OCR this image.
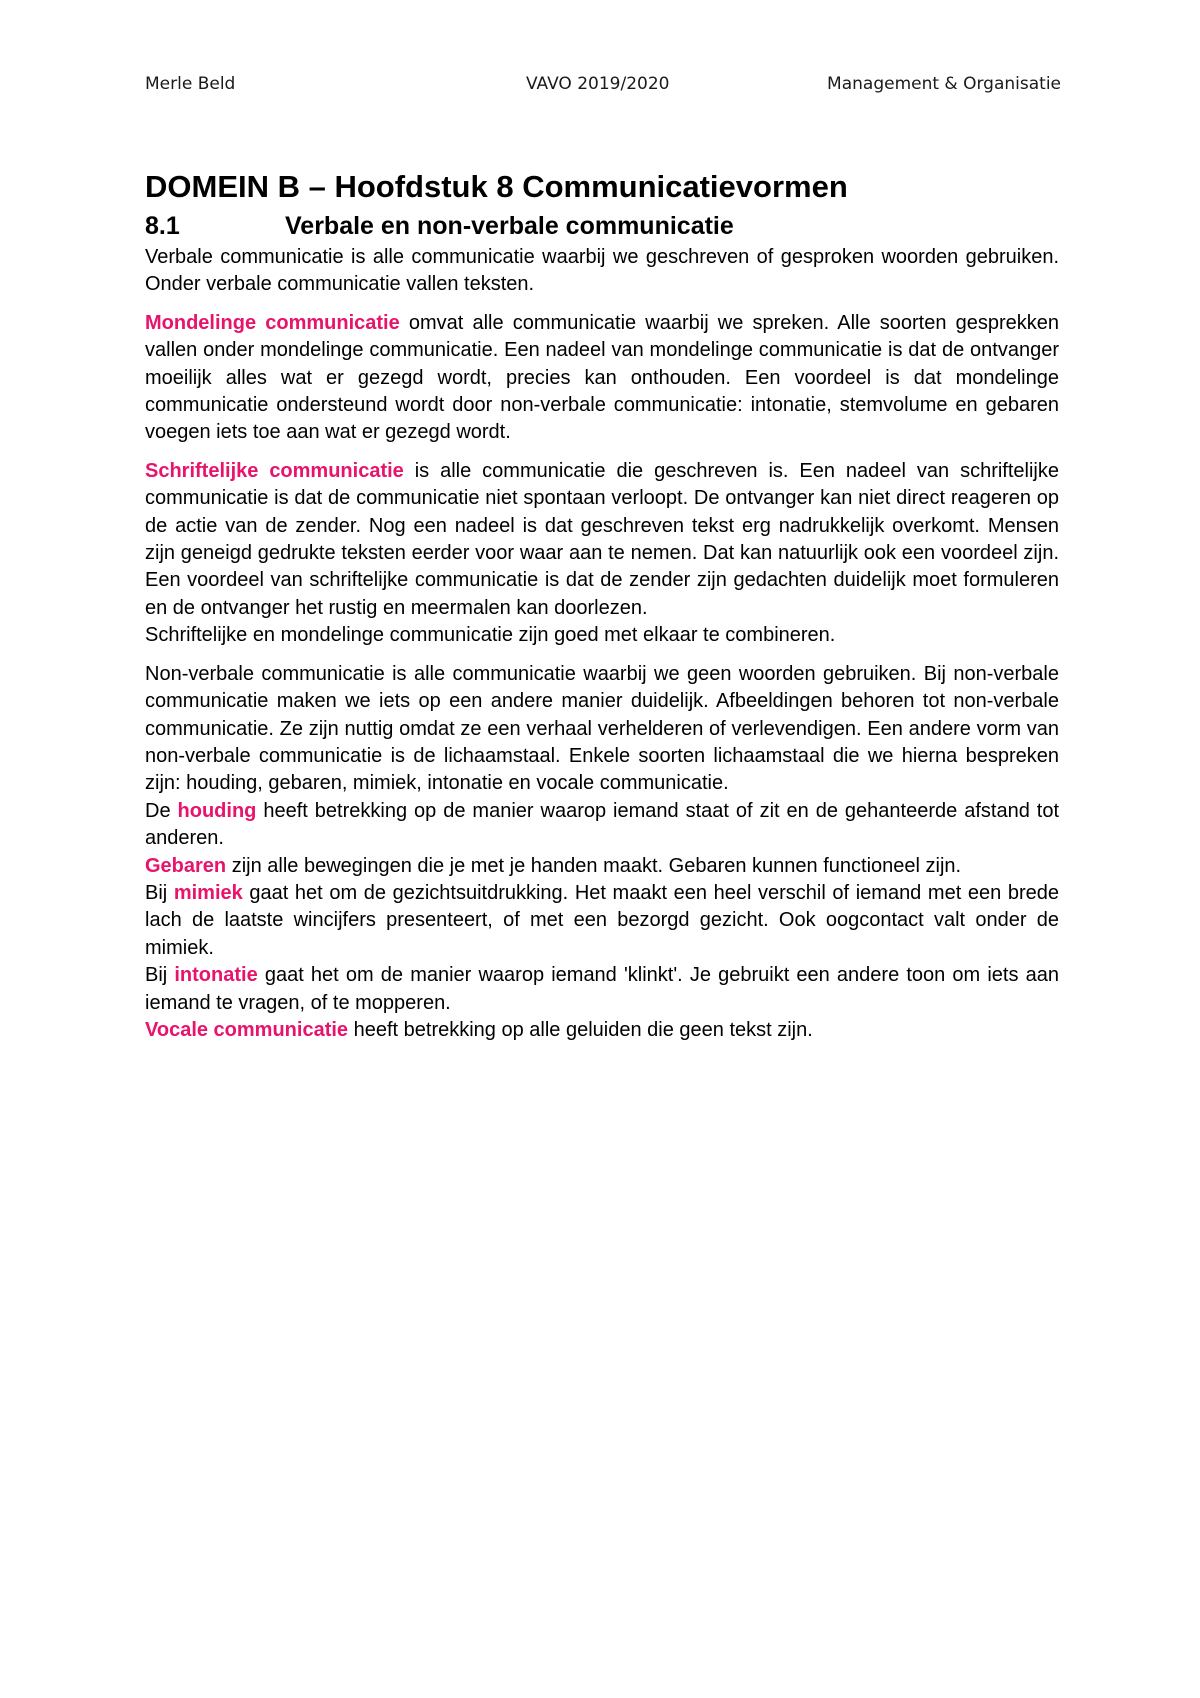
Merle Beld	VAVO 2019/2020	Management & Organisatie
DOMEIN B – Hoofdstuk 8 Communicatievormen
8.1	Verbale en non-verbale communicatie

Verbale communicatie is alle communicatie waarbij we geschreven of gesproken woorden gebruiken. Onder verbale communicatie vallen teksten.

Mondelinge communicatie omvat alle communicatie waarbij we spreken. Alle soorten gesprekken vallen onder mondelinge communicatie. Een nadeel van mondelinge communicatie is dat de ontvanger moeilijk alles wat er gezegd wordt, precies kan onthouden. Een voordeel is dat mondelinge communicatie ondersteund wordt door non-verbale communicatie: intonatie, stemvolume en gebaren voegen iets toe aan wat er gezegd wordt.

Schriftelijke communicatie is alle communicatie die geschreven is. Een nadeel van schriftelijke communicatie is dat de communicatie niet spontaan verloopt. De ontvanger kan niet direct reageren op de actie van de zender. Nog een nadeel is dat geschreven tekst erg nadrukkelijk overkomt. Mensen zijn geneigd gedrukte teksten eerder voor waar aan te nemen. Dat kan natuurlijk ook een voordeel zijn. Een voordeel van schriftelijke communicatie is dat de zender zijn gedachten duidelijk moet formuleren en de ontvanger het rustig en meermalen kan doorlezen.

Schriftelijke en mondelinge communicatie zijn goed met elkaar te combineren.

Non-verbale communicatie is alle communicatie waarbij we geen woorden gebruiken. Bij non-verbale communicatie maken we iets op een andere manier duidelijk. Afbeeldingen behoren tot non-verbale communicatie. Ze zijn nuttig omdat ze een verhaal verhelderen of verlevendigen. Een andere vorm van non-verbale communicatie is de lichaamstaal. Enkele soorten lichaamstaal die we hierna bespreken zijn: houding, gebaren, mimiek, intonatie en vocale communicatie.

De houding heeft betrekking op de manier waarop iemand staat of zit en de gehanteerde afstand tot anderen.

Gebaren zijn alle bewegingen die je met je handen maakt. Gebaren kunnen functioneel zijn.

Bij mimiek gaat het om de gezichtsuitdrukking. Het maakt een heel verschil of iemand met een brede lach de laatste wincijfers presenteert, of met een bezorgd gezicht. Ook oogcontact valt onder de mimiek.

Bij intonatie gaat het om de manier waarop iemand 'klinkt'. Je gebruikt een andere toon om iets aan iemand te vragen, of te mopperen.

Vocale communicatie heeft betrekking op alle geluiden die geen tekst zijn.
